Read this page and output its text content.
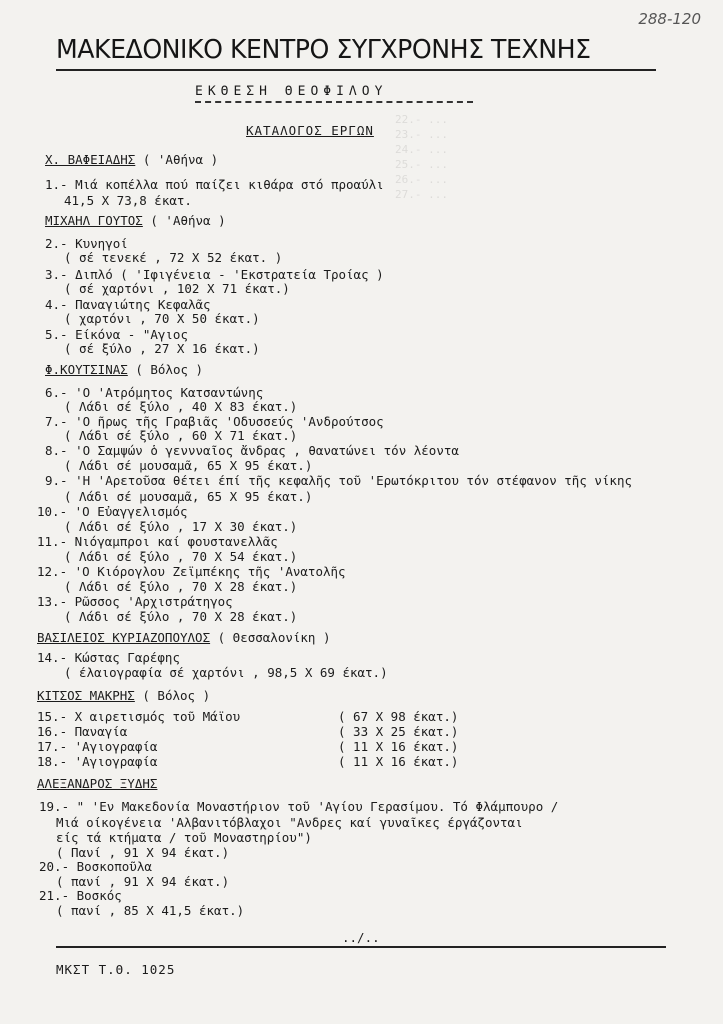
22.- ...
23.- ...
24.- ...
25.- ...
26.- ...
27.- ...
288-120
ΜΑΚΕΔΟΝΙΚΟ ΚΕΝΤΡΟ ΣΥΓΧΡΟΝΗΣ ΤΕΧΝΗΣ
ΕΚΘΕΣΗ ΘΕΟΦΙΛΟΥ
ΚΑΤΑΛΟΓΟΣ ΕΡΓΩΝ
Χ. ΒΑΦΕΙΑΔΗΣ ( 'Αθήνα )
1.- Μιά κοπέλλα πού παίζει κιθάρα στό προαύλι
41,5 Χ 73,8 έκατ.
ΜΙΧΑΗΛ ΓΟΥΤΟΣ ( 'Αθήνα )
2.- Κυνηγοί
( σέ τενεκέ , 72 Χ 52 έκατ. )
3.- Διπλό ( 'Ιφιγένεια - 'Εκστρατεία Τροίας )
( σέ χαρτόνι , 102 Χ 71 έκατ.)
4.- Παναγιώτης Κεφαλᾶς
( χαρτόνι , 70 Χ 50 έκατ.)
5.- Είκόνα - "Αγιος
( σέ ξύλο , 27 Χ 16 έκατ.)
Φ.ΚΟΥΤΣΙΝΑΣ ( Βόλος )
6.- 'Ο 'Ατρόμητος Κατσαντώνης
( Λάδι σέ ξύλο , 40 Χ 83 έκατ.)
7.- 'Ο ῆρως τῆς Γραβιᾶς 'Οδυσσεύς 'Ανδρούτσος
( Λάδι σέ ξύλο , 60 Χ 71 έκατ.)
8.- 'Ο Σαμψών ὁ γεννναῖος ἄνδρας , θανατώνει τόν λέοντα
( Λάδι σέ μουσαμᾶ, 65 Χ 95 έκατ.)
9.- 'Η 'Αρετοῦσα θέτει έπί τῆς κεφαλῆς τοῦ 'Ερωτόκριτου τόν στέφανον τῆς νίκης
( Λάδι σέ μουσαμᾶ, 65 Χ 95 έκατ.)
10.- 'Ο Εὐαγγελισμός
( Λάδι σέ ξύλο , 17 Χ 30 έκατ.)
11.- Νιόγαμπροι καί φουστανελλᾶς
( Λάδι σέ ξύλο , 70 Χ 54 έκατ.)
12.- 'Ο Κιόρογλου Ζεϊμπέκης τῆς 'Ανατολῆς
( Λάδι σέ ξύλο , 70 Χ 28 έκατ.)
13.- Ρῶσσος 'Αρχιστράτηγος
( Λάδι σέ ξύλο , 70 Χ 28 έκατ.)
ΒΑΣΙΛΕΙΟΣ ΚΥΡΙΑΖΟΠΟΥΛΟΣ ( Θεσσαλονίκη )
14.- Κώστας Γαρέφης
( έλαιογραφία σέ χαρτόνι , 98,5 Χ 69 έκατ.)
ΚΙΤΣΟΣ ΜΑΚΡΗΣ ( Βόλος )
15.- Χ αιρετισμός τοῦ Μάϊου	( 67 Χ 98 έκατ.)
16.- Παναγία	( 33 Χ 25 έκατ.)
17.- 'Αγιογραφία	( 11 Χ 16 έκατ.)
18.- 'Αγιογραφία	( 11 Χ 16 έκατ.)
ΑΛΕΞΑΝΔΡΟΣ ΞΥΔΗΣ
19.- " 'Εν Μακεδονία Μοναστήριον τοῦ 'Αγίου Γερασίμου. Τό Φλάμπουρο /
Μιά οίκογένεια 'Αλβανιτόβλαχοι "Ανδρες καί γυναῖκες έργάζονται
είς τά κτήματα / τοῦ Μοναστηρίου")
( Πανί , 91 Χ 94 έκατ.)
20.- Βοσκοποῦλα
( πανί , 91 Χ 94 έκατ.)
21.- Βοσκός
( πανί , 85 Χ 41,5 έκατ.)
../..
ΜΚΣΤ Τ.Θ. 1025
